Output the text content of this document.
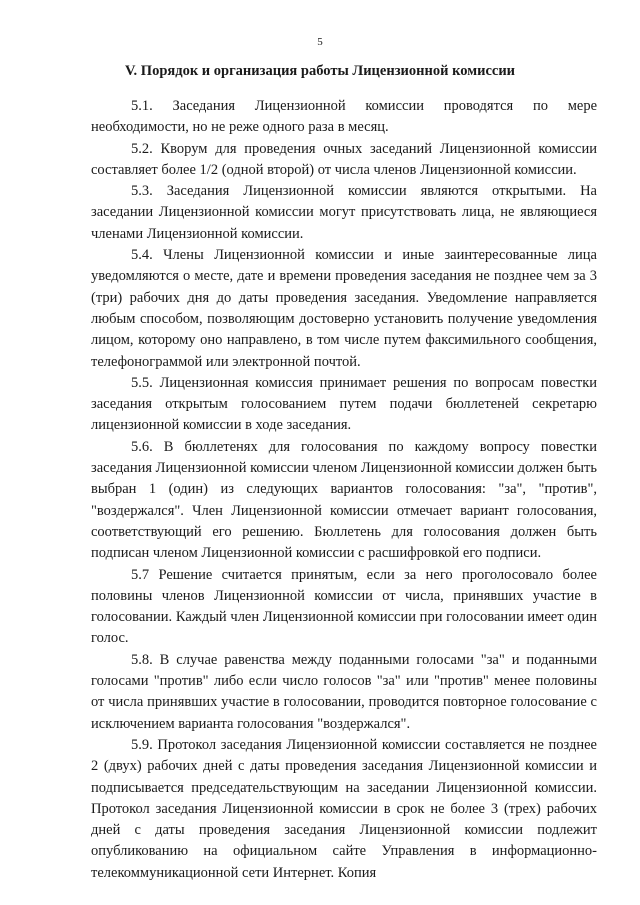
5
V. Порядок и организация работы Лицензионной комиссии

5.1. Заседания Лицензионной комиссии проводятся по мере необходимости, но не реже одного раза в месяц.

5.2. Кворум для проведения очных заседаний Лицензионной комиссии составляет более 1/2 (одной второй) от числа членов Лицензионной комиссии.

5.3. Заседания Лицензионной комиссии являются открытыми. На заседании Лицензионной комиссии могут присутствовать лица, не являющиеся членами Лицензионной комиссии.

5.4. Члены Лицензионной комиссии и иные заинтересованные лица уведомляются о месте, дате и времени проведения заседания не позднее чем за 3 (три) рабочих дня до даты проведения заседания. Уведомление направляется любым способом, позволяющим достоверно установить получение уведомления лицом, которому оно направлено, в том числе путем факсимильного сообщения, телефонограммой или электронной почтой.

5.5. Лицензионная комиссия принимает решения по вопросам повестки заседания открытым голосованием путем подачи бюллетеней секретарю лицензионной комиссии в ходе заседания.

5.6. В бюллетенях для голосования по каждому вопросу повестки заседания Лицензионной комиссии членом Лицензионной комиссии должен быть выбран 1 (один) из следующих вариантов голосования: "за", "против", "воздержался". Член Лицензионной комиссии отмечает вариант голосования, соответствующий его решению. Бюллетень для голосования должен быть подписан членом Лицензионной комиссии с расшифровкой его подписи.

5.7 Решение считается принятым, если за него проголосовало более половины членов Лицензионной комиссии от числа, принявших участие в голосовании. Каждый член Лицензионной комиссии при голосовании имеет один голос.

5.8. В случае равенства между поданными голосами "за" и поданными голосами "против" либо если число голосов "за" или "против" менее половины от числа принявших участие в голосовании, проводится повторное голосование с исключением варианта голосования "воздержался".

5.9. Протокол заседания Лицензионной комиссии составляется не позднее 2 (двух) рабочих дней с даты проведения заседания Лицензионной комиссии и подписывается председательствующим на заседании Лицензионной комиссии. Протокол заседания Лицензионной комиссии в срок не более 3 (трех) рабочих дней с даты проведения заседания Лицензионной комиссии подлежит опубликованию на официальном сайте Управления в информационно-телекоммуникационной сети Интернет. Копия
